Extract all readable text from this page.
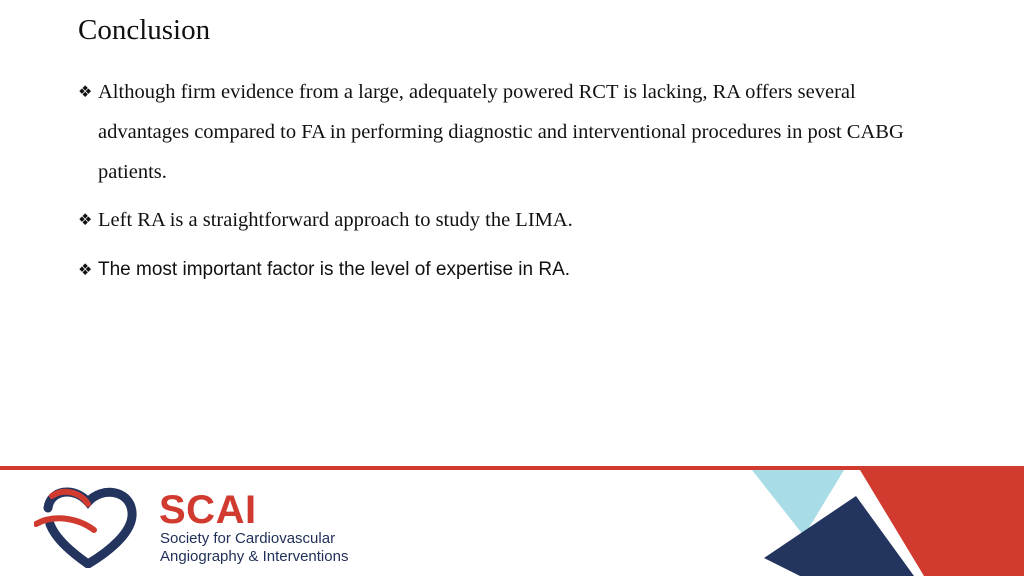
Conclusion
❖ Although firm evidence from a large, adequately powered RCT is lacking, RA offers several advantages compared to FA in performing diagnostic and interventional procedures in post CABG patients.
❖ Left RA is a straightforward approach to study the LIMA.
❖ The most important factor is the level of expertise in RA.
SCAI
Society for Cardiovascular
Angiography & Interventions
